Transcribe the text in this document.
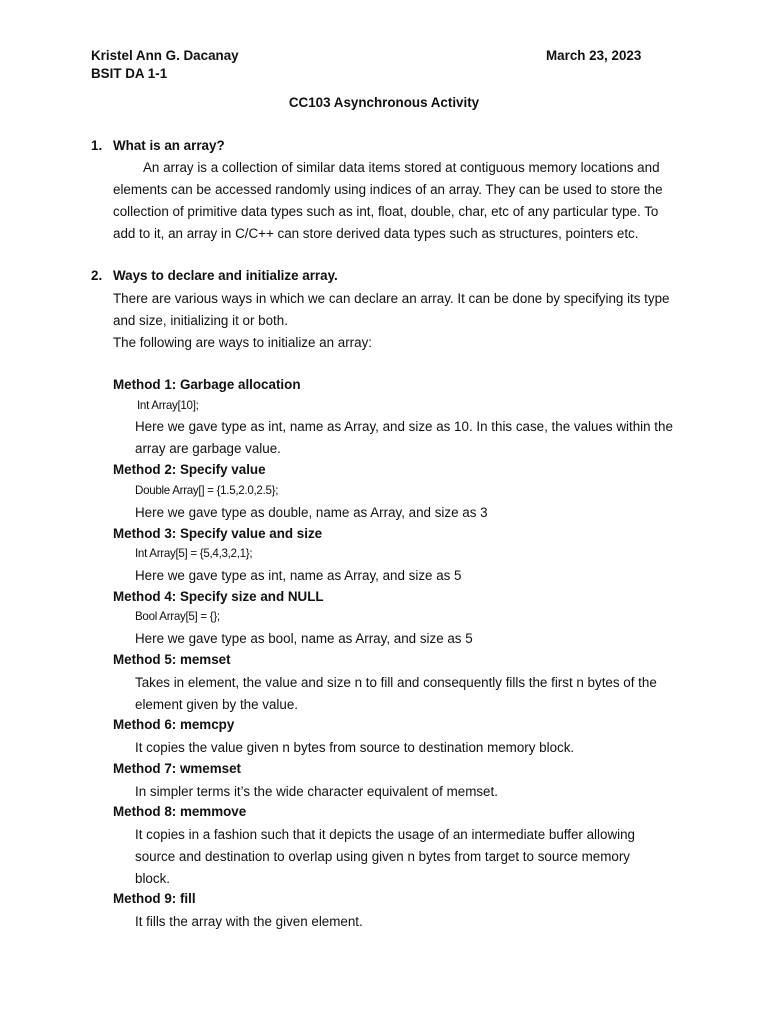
Kristel Ann G. Dacanay	March 23, 2023
BSIT DA 1-1
CC103 Asynchronous Activity
1. What is an array?
An array is a collection of similar data items stored at contiguous memory locations and
elements can be accessed randomly using indices of an array. They can be used to store the
collection of primitive data types such as int, float, double, char, etc of any particular type. To
add to it, an array in C/C++ can store derived data types such as structures, pointers etc.
2. Ways to declare and initialize array.
There are various ways in which we can declare an array. It can be done by specifying its type
and size, initializing it or both.
The following are ways to initialize an array:
Method 1: Garbage allocation
Int Array[10];
Here we gave type as int, name as Array, and size as 10. In this case, the values within the
array are garbage value.
Method 2: Specify value
Double Array[] = {1.5,2.0,2.5};
Here we gave type as double, name as Array, and size as 3
Method 3: Specify value and size
Int Array[5] = {5,4,3,2,1};
Here we gave type as int, name as Array, and size as 5
Method 4: Specify size and NULL
Bool Array[5] = {};
Here we gave type as bool, name as Array, and size as 5
Method 5: memset
Takes in element, the value and size n to fill and consequently fills the first n bytes of the
element given by the value.
Method 6: memcpy
It copies the value given n bytes from source to destination memory block.
Method 7: wmemset
In simpler terms it’s the wide character equivalent of memset.
Method 8: memmove
It copies in a fashion such that it depicts the usage of an intermediate buffer allowing
source and destination to overlap using given n bytes from target to source memory
block.
Method 9: fill
It fills the array with the given element.
